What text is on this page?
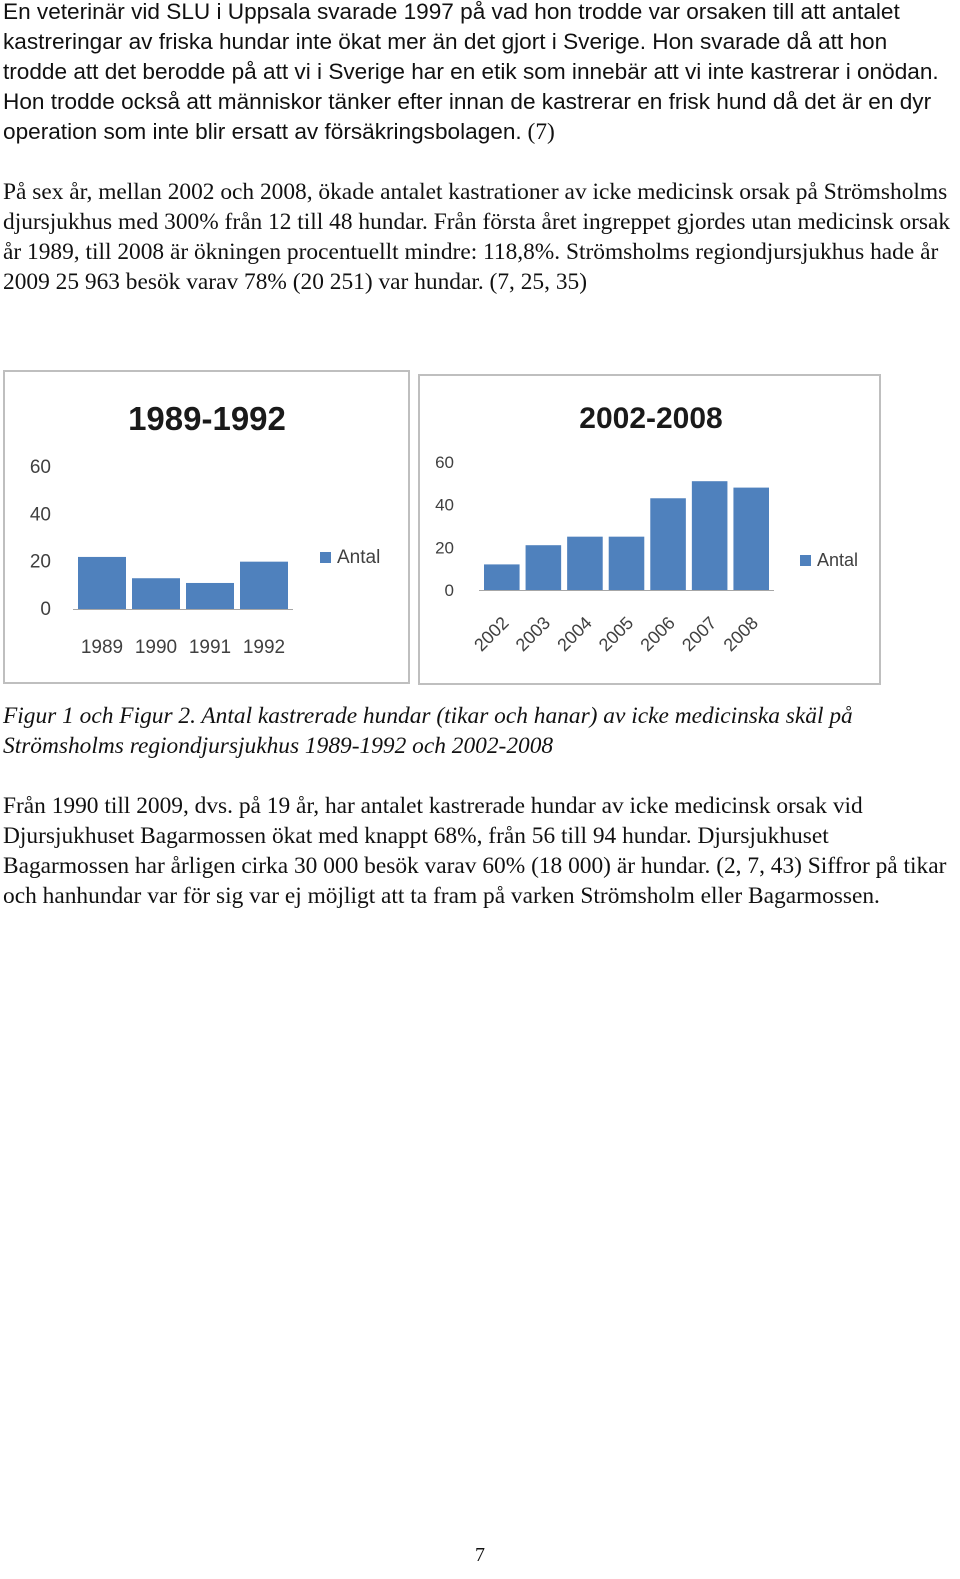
En veterinär vid SLU i Uppsala svarade 1997 på vad hon trodde var orsaken till att antalet kastreringar av friska hundar inte ökat mer än det gjort i Sverige. Hon svarade då att hon trodde att det berodde på att vi i Sverige har en etik som innebär att vi inte kastrerar i onödan. Hon trodde också att människor tänker efter innan de kastrerar en frisk hund då det är en dyr operation som inte blir ersatt av försäkringsbolagen. (7)

På sex år, mellan 2002 och 2008, ökade antalet kastrationer av icke medicinsk orsak på Strömsholms djursjukhus med 300% från 12 till 48 hundar. Från första året ingreppet gjordes utan medicinsk orsak år 1989, till 2008 är ökningen procentuellt mindre: 118,8%. Strömsholms regiondjursjukhus hade år 2009 25 963 besök varav 78% (20 251) var hundar. (7, 25, 35)

1989-1992
0
20
40
60
1989 1990 1991 1992
Antal
2002-2008
0
20
40
60
2002 2003 2004 2005 2006 2007 2008
Antal

Figur 1 och Figur 2. Antal kastrerade hundar (tikar och hanar) av icke medicinska skäl på Strömsholms regiondjursjukhus 1989-1992 och 2002-2008

Från 1990 till 2009, dvs. på 19 år, har antalet kastrerade hundar av icke medicinsk orsak vid Djursjukhuset Bagarmossen ökat med knappt 68%, från 56 till 94 hundar. Djursjukhuset Bagarmossen har årligen cirka 30 000 besök varav 60% (18 000) är hundar. (2, 7, 43) Siffror på tikar och hanhundar var för sig var ej möjligt att ta fram på varken Strömsholm eller Bagarmossen.

7
